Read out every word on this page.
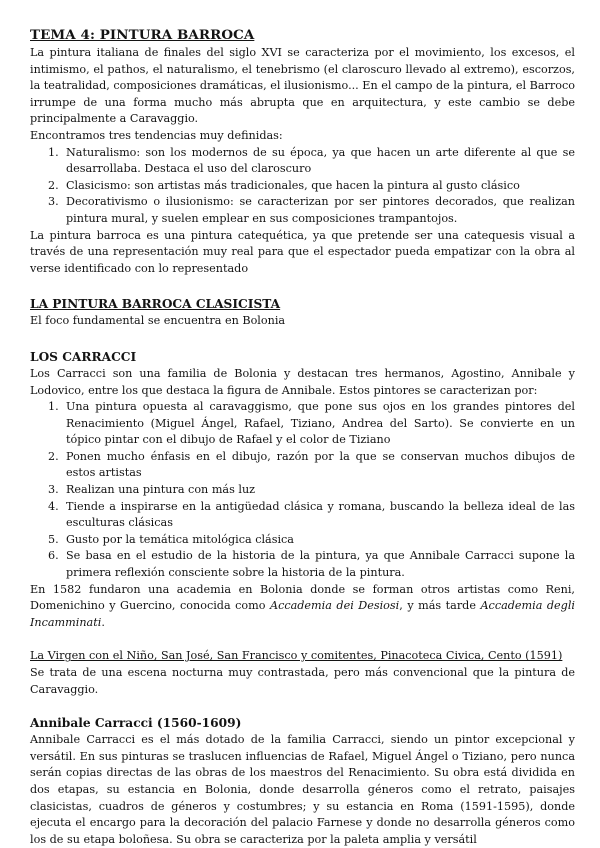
TEMA 4: PINTURA BARROCA

La pintura italiana de finales del siglo XVI se caracteriza por el movimiento, los excesos, el intimismo, el pathos, el naturalismo, el tenebrismo (el claroscuro llevado al extremo), escorzos, la teatralidad, composiciones dramáticas, el ilusionismo... En el campo de la pintura, el Barroco irrumpe de una forma mucho más abrupta que en arquitectura, y este cambio se debe principalmente a Caravaggio.

Encontramos tres tendencias muy definidas:

1. Naturalismo: son los modernos de su época, ya que hacen un arte diferente al que se desarrollaba. Destaca el uso del claroscuro
2. Clasicismo: son artistas más tradicionales, que hacen la pintura al gusto clásico
3. Decorativismo o ilusionismo: se caracterizan por ser pintores decorados, que realizan pintura mural, y suelen emplear en sus composiciones trampantojos.

La pintura barroca es una pintura catequética, ya que pretende ser una catequesis visual a través de una representación muy real para que el espectador pueda empatizar con la obra al verse identificado con lo representado

LA PINTURA BARROCA CLASICISTA

El foco fundamental se encuentra en Bolonia

LOS CARRACCI

Los Carracci son una familia de Bolonia y destacan tres hermanos, Agostino, Annibale y Lodovico, entre los que destaca la figura de Annibale. Estos pintores se caracterizan por:

1. Una pintura opuesta al caravaggismo, que pone sus ojos en los grandes pintores del Renacimiento (Miguel Ángel, Rafael, Tiziano, Andrea del Sarto). Se convierte en un tópico pintar con el dibujo de Rafael y el color de Tiziano
2. Ponen mucho énfasis en el dibujo, razón por la que se conservan muchos dibujos de estos artistas
3. Realizan una pintura con más luz
4. Tiende a inspirarse en la antigüedad clásica y romana, buscando la belleza ideal de las esculturas clásicas
5. Gusto por la temática mitológica clásica
6. Se basa en el estudio de la historia de la pintura, ya que Annibale Carracci supone la primera reflexión consciente sobre la historia de la pintura.

En 1582 fundaron una academia en Bolonia donde se forman otros artistas como Reni, Domenichino y Guercino, conocida como Accademia dei Desiosi, y más tarde Accademia degli Incamminati.

La Virgen con el Niño, San José, San Francisco y comitentes, Pinacoteca Civica, Cento (1591)

Se trata de una escena nocturna muy contrastada, pero más convencional que la pintura de Caravaggio.

Annibale Carracci (1560-1609)

Annibale Carracci es el más dotado de la familia Carracci, siendo un pintor excepcional y versátil. En sus pinturas se traslucen influencias de Rafael, Miguel Ángel o Tiziano, pero nunca serán copias directas de las obras de los maestros del Renacimiento. Su obra está dividida en dos etapas, su estancia en Bolonia, donde desarrolla géneros como el retrato, paisajes clasicistas, cuadros de géneros y costumbres; y su estancia en Roma (1591-1595), donde ejecuta el encargo para la decoración del palacio Farnese y donde no desarrolla géneros como los de su etapa boloñesa. Su obra se caracteriza por la paleta amplia y versátil
